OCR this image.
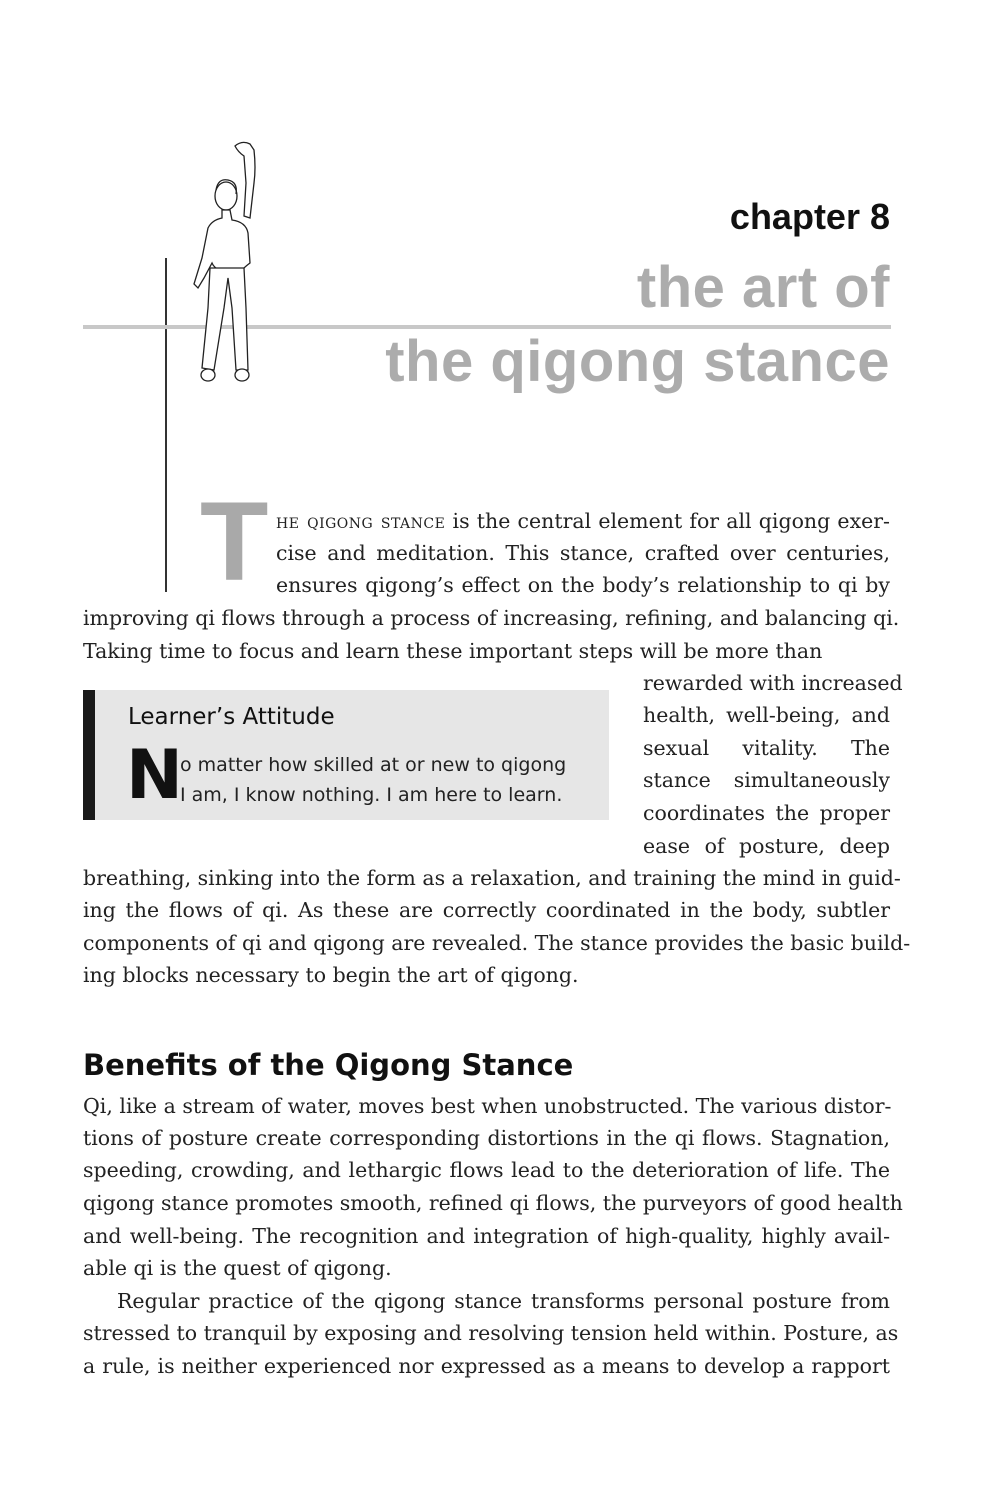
chapter 8
the art of
the qigong stance
T he qigong stance is the central element for all qigong exer-
cise and meditation. This stance, crafted over centuries,
ensures qigong’s effect on the body’s relationship to qi by
improving qi flows through a process of increasing, refining, and balancing qi.
Taking time to focus and learn these important steps will be more than
rewarded with increased
health, well-being, and
sexual vitality. The
stance simultaneously
coordinates the proper
ease of posture, deep
breathing, sinking into the form as a relaxation, and training the mind in guid-
ing the flows of qi. As these are correctly coordinated in the body, subtler
components of qi and qigong are revealed. The stance provides the basic build-
ing blocks necessary to begin the art of qigong.
Learner’s Attitude
N
o matter how skilled at or new to qigong
I am, I know nothing. I am here to learn.
Benefits of the Qigong Stance
Qi, like a stream of water, moves best when unobstructed. The various distor-
tions of posture create corresponding distortions in the qi flows. Stagnation,
speeding, crowding, and lethargic flows lead to the deterioration of life. The
qigong stance promotes smooth, refined qi flows, the purveyors of good health
and well-being. The recognition and integration of high-quality, highly avail-
able qi is the quest of qigong.
Regular practice of the qigong stance transforms personal posture from
stressed to tranquil by exposing and resolving tension held within. Posture, as
a rule, is neither experienced nor expressed as a means to develop a rapport
